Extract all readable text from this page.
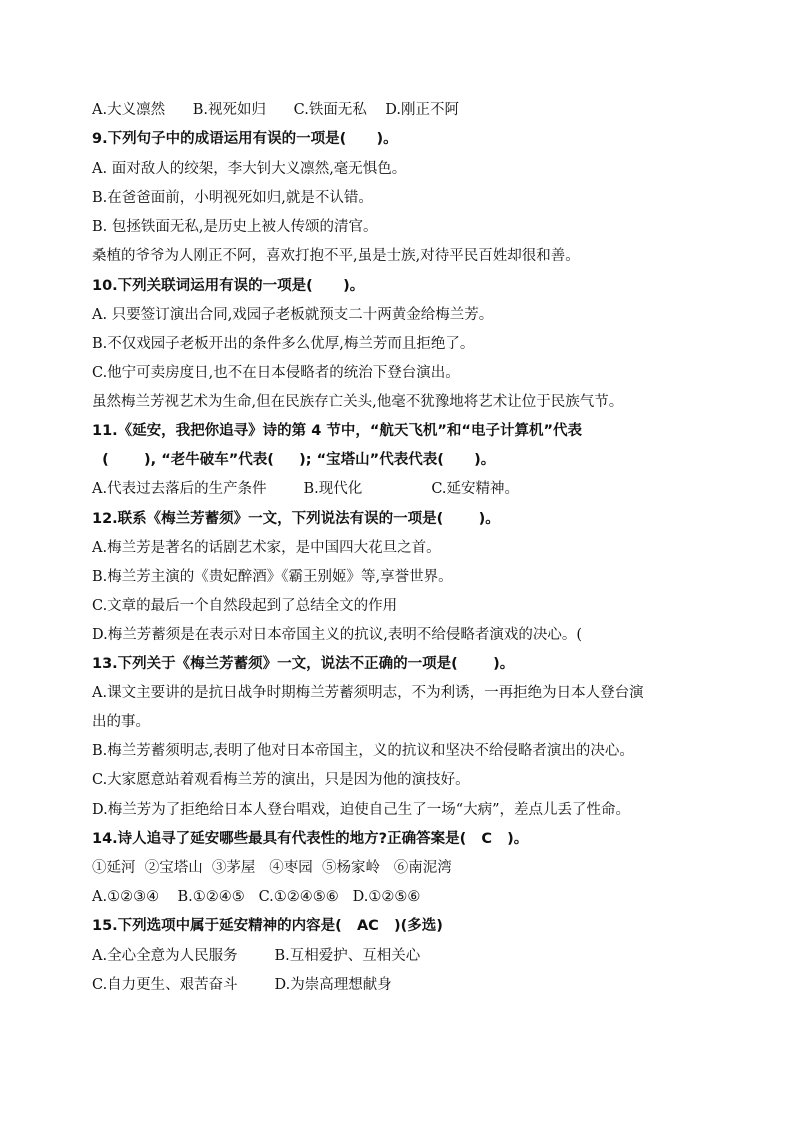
A.大义凛然      B.视死如归      C.铁面无私    D.刚正不阿
9.下列句子中的成语运用有误的一项是(      )。
A. 面对敌人的绞架，李大钊大义凛然,毫无惧色。
B.在爸爸面前，小明视死如归,就是不认错。
B. 包拯铁面无私,是历史上被人传颂的清官。
桑植的爷爷为人刚正不阿，喜欢打抱不平,虽是士族,对待平民百姓却很和善。
10.下列关联词运用有误的一项是(      )。
A. 只要签订演出合同,戏园子老板就预支二十两黄金给梅兰芳。
B.不仅戏园子老板开出的条件多么优厚,梅兰芳而且拒绝了。
C.他宁可卖房度日,也不在日本侵略者的统治下登台演出。
虽然梅兰芳视艺术为生命,但在民族存亡关头,他毫不犹豫地将艺术让位于民族气节。
11.《延安，我把你追寻》诗的第 4 节中，“航天飞机”和“电子计算机”代表
(       ), “老牛破车”代表(     ); “宝塔山”代表代表(      )。
A.代表过去落后的生产条件        B.现代化               C.延安精神。
12.联系《梅兰芳蓄须》一文，下列说法有误的一项是(       )。
A.梅兰芳是著名的话剧艺术家，是中国四大花旦之首。
B.梅兰芳主演的《贵妃醉酒》《霸王别姬》等,享誉世界。
C.文章的最后一个自然段起到了总结全文的作用
D.梅兰芳蓄须是在表示对日本帝国主义的抗议,表明不给侵略者演戏的决心。(
13.下列关于《梅兰芳蓄须》一文，说法不正确的一项是(       )。
A.课文主要讲的是抗日战争时期梅兰芳蓄须明志，不为利诱，一再拒绝为日本人登台演
出的事。
B.梅兰芳蓄须明志,表明了他对日本帝国主，义的抗议和坚决不给侵略者演出的决心。
C.大家愿意站着观看梅兰芳的演出，只是因为他的演技好。
D.梅兰芳为了拒绝给日本人登台唱戏，迫使自己生了一场“大病”，差点儿丢了性命。
14.诗人追寻了延安哪些最具有代表性的地方?正确答案是(   C   )。
①延河  ②宝塔山  ③茅屋   ④枣园  ⑤杨家岭   ⑥南泥湾
A.①②③④    B.①②④⑤   C.①②④⑤⑥   D.①②⑤⑥
15.下列选项中属于延安精神的内容是(   AC   )(多选)
A.全心全意为人民服务        B.互相爱护、互相关心
C.自力更生、艰苦奋斗        D.为崇高理想献身
